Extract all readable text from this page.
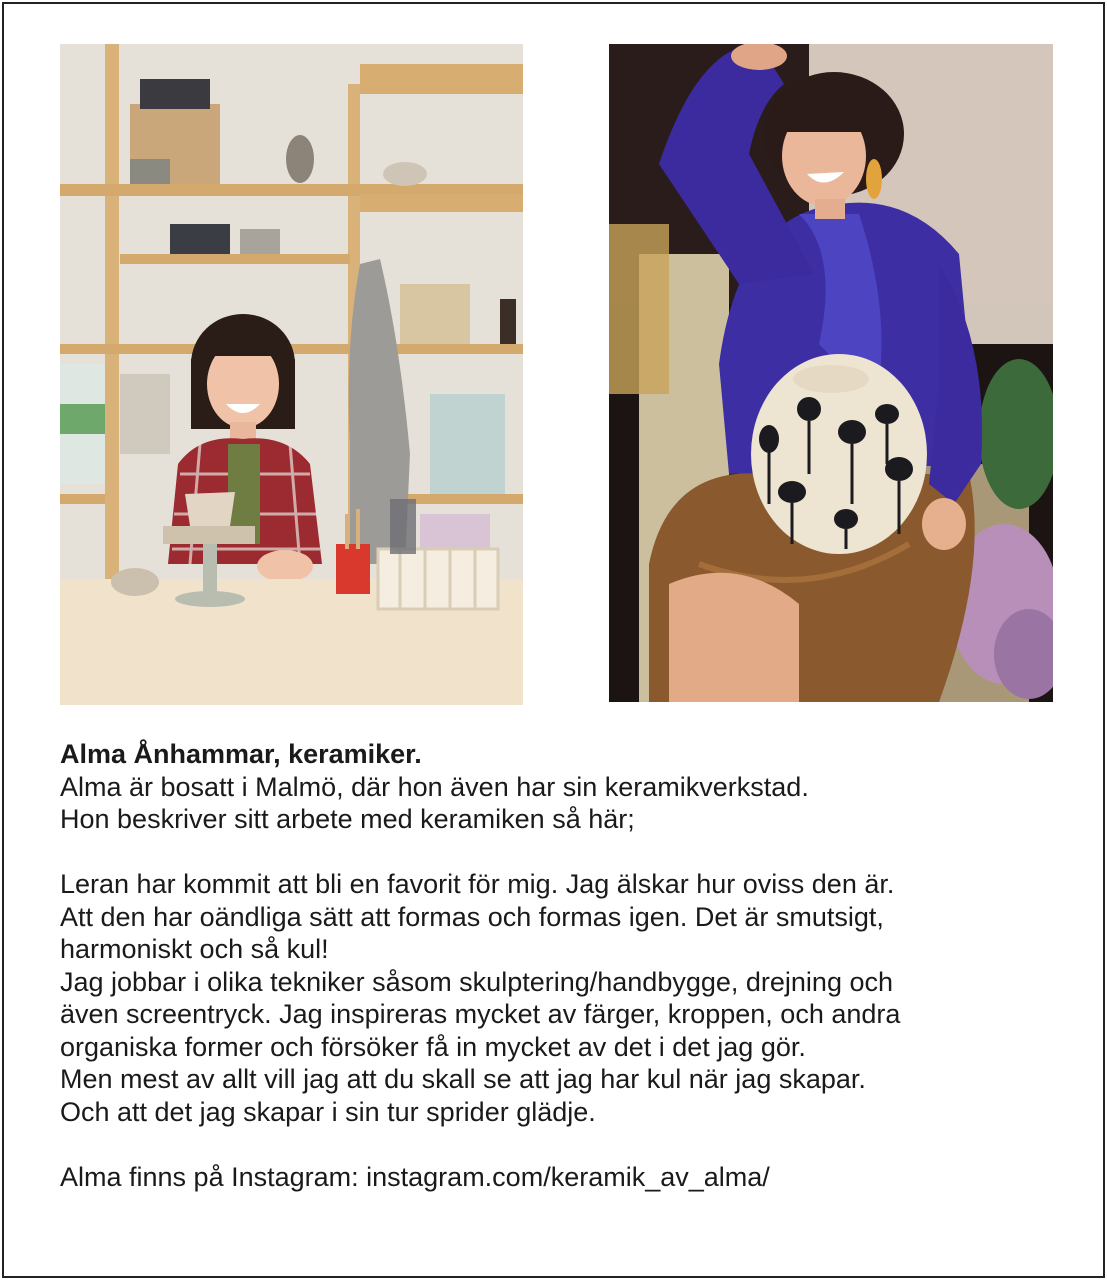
Alma Ånhammar, keramiker.

Alma är bosatt i Malmö, där hon även har sin keramikverkstad.

Hon beskriver sitt arbete med keramiken så här;

Leran har kommit att bli en favorit för mig. Jag älskar hur oviss den är.

Att den har oändliga sätt att formas och formas igen. Det är smutsigt,

harmoniskt och så kul!

Jag jobbar i olika tekniker såsom skulptering/handbygge, drejning och

även screentryck. Jag inspireras mycket av färger, kroppen, och andra

organiska former och försöker få in mycket av det i det jag gör.

Men mest av allt vill jag att du skall se att jag har kul när jag skapar.

Och att det jag skapar i sin tur sprider glädje.

Alma finns på Instagram: instagram.com/keramik_av_alma/
